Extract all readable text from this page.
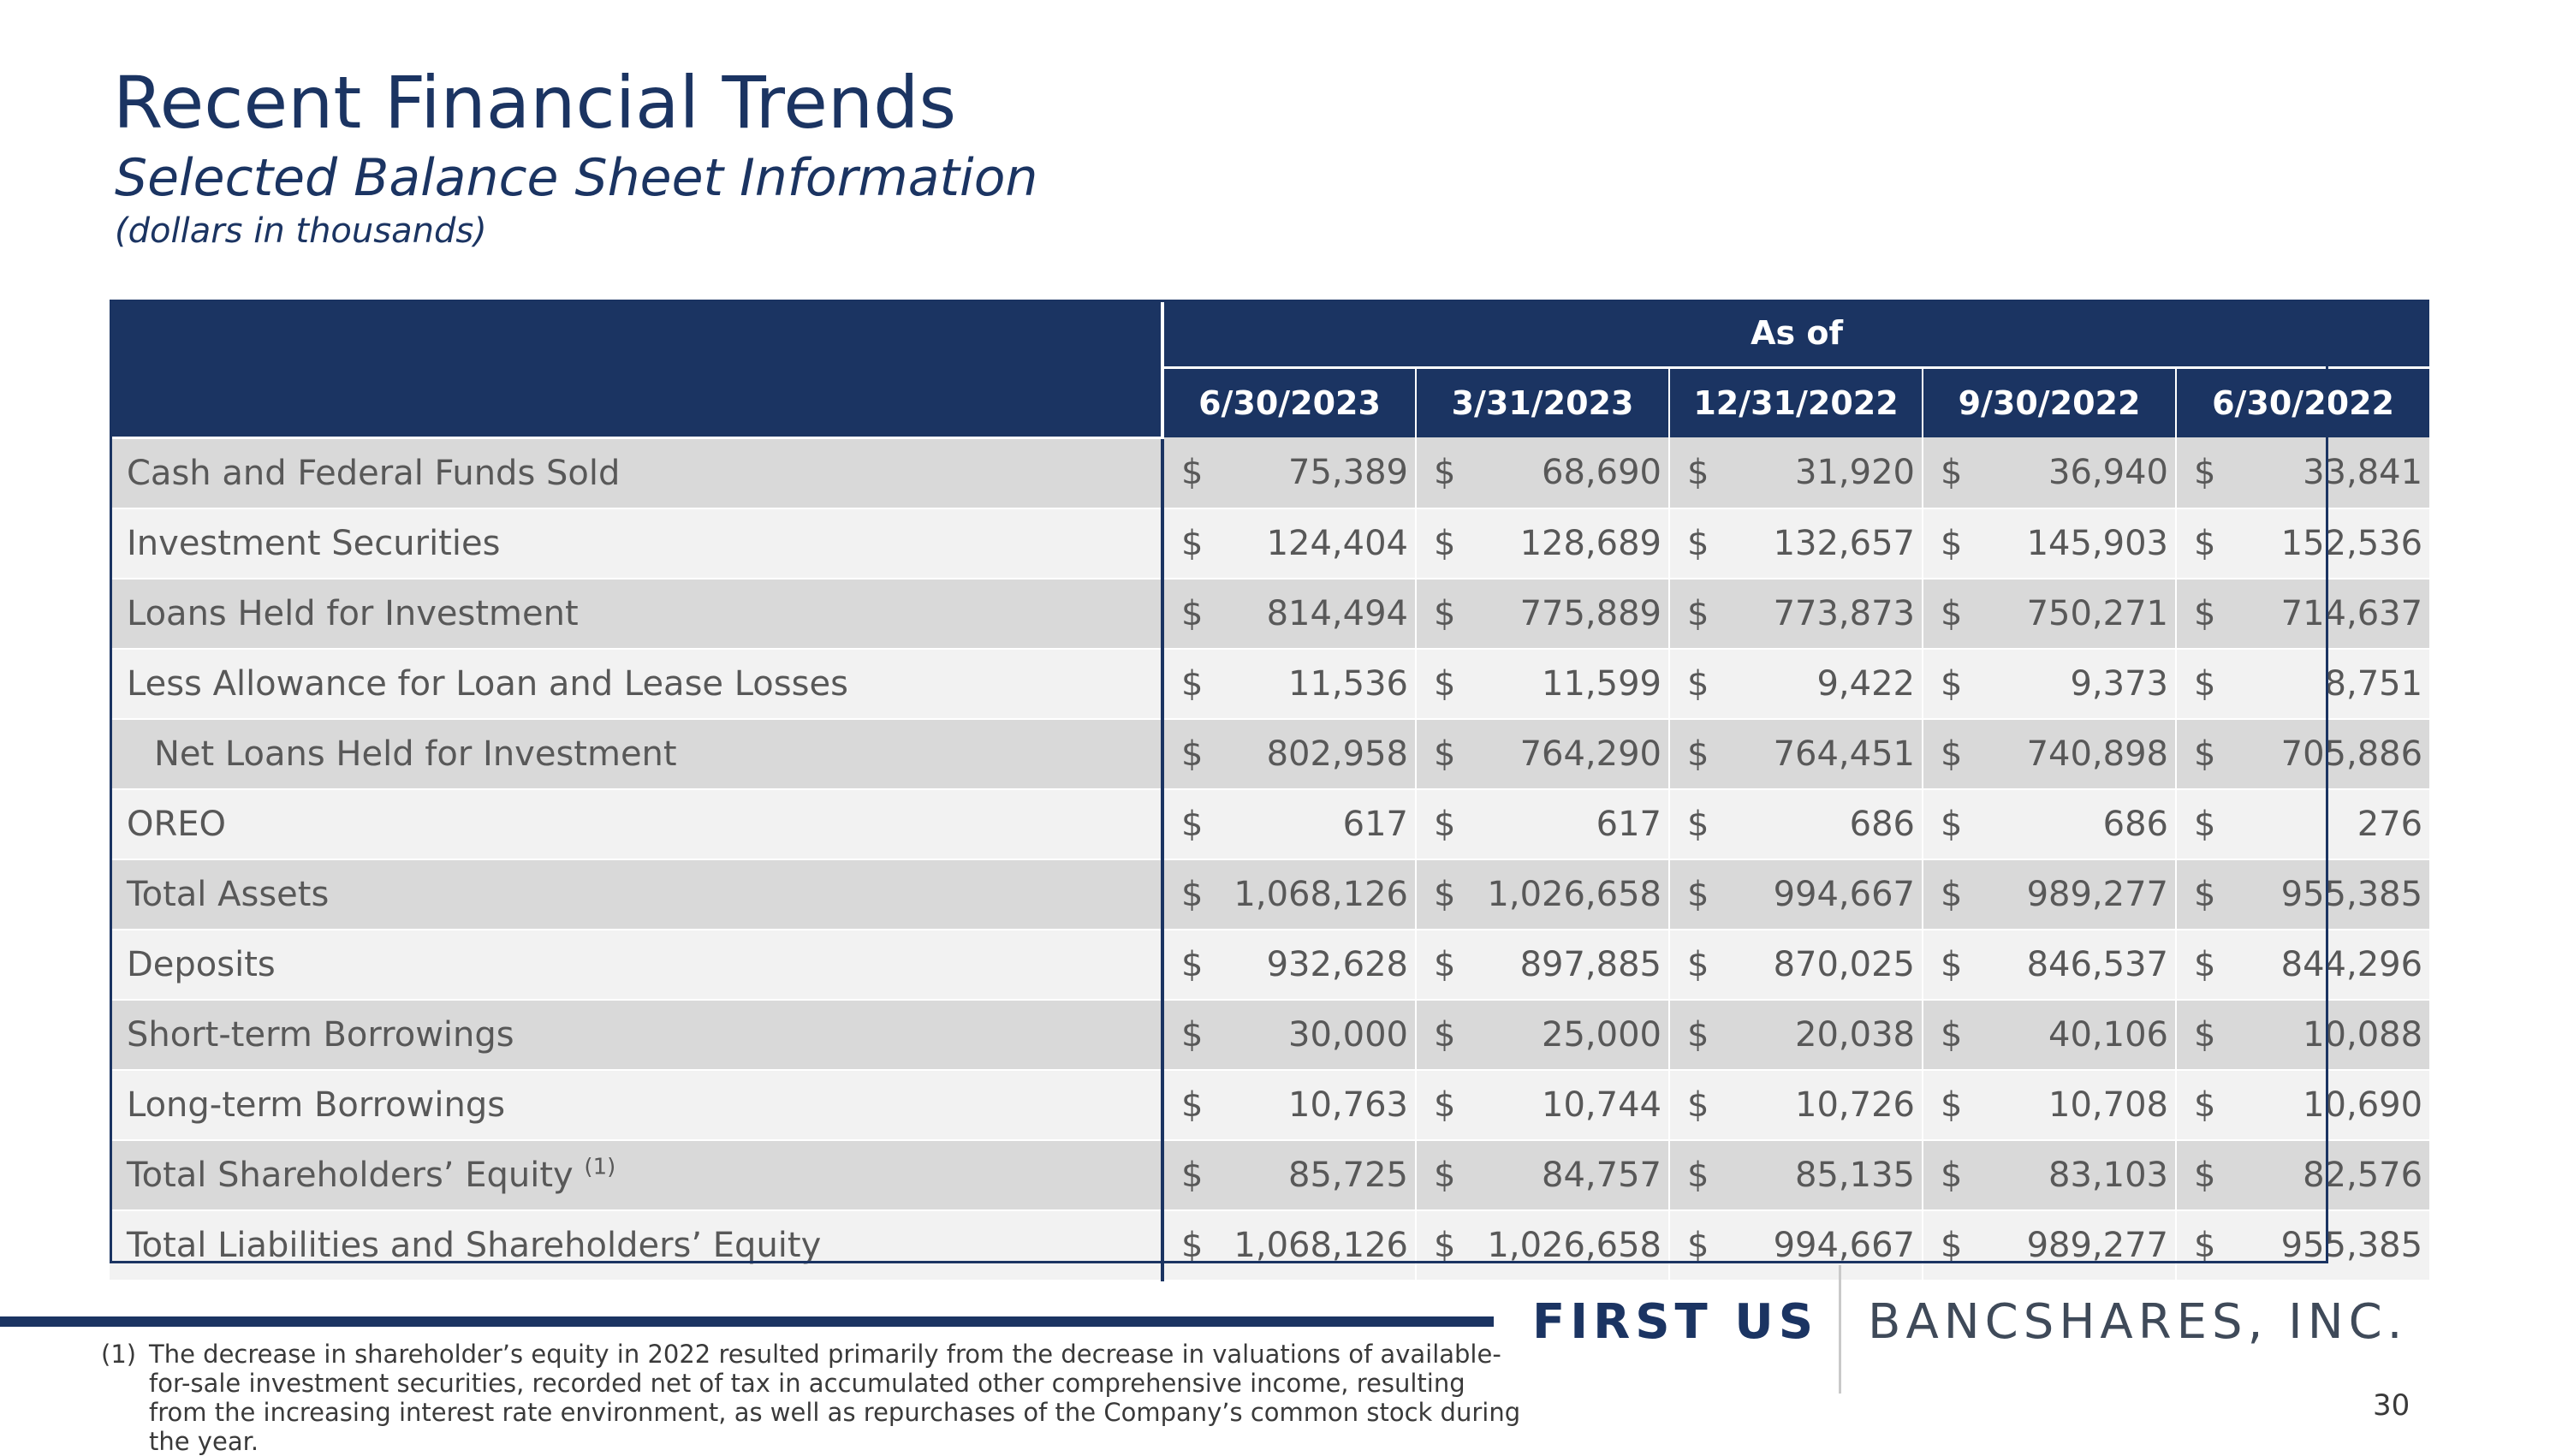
Recent Financial Trends
Selected Balance Sheet Information
(dollars in thousands)
	As of									
	6/30/2023		3/31/2023		12/31/2022		9/30/2022		6/30/2022	
Cash and Federal Funds Sold	$	75,389	$	68,690	$	31,920	$	36,940	$	33,841
Investment Securities	$	124,404	$	128,689	$	132,657	$	145,903	$	152,536
Loans Held for Investment	$	814,494	$	775,889	$	773,873	$	750,271	$	714,637
Less Allowance for Loan and Lease Losses	$	11,536	$	11,599	$	9,422	$	9,373	$	8,751
Net Loans Held for Investment	$	802,958	$	764,290	$	764,451	$	740,898	$	705,886
OREO	$	617	$	617	$	686	$	686	$	276
Total Assets	$	1,068,126	$	1,026,658	$	994,667	$	989,277	$	955,385
Deposits	$	932,628	$	897,885	$	870,025	$	846,537	$	844,296
Short-term Borrowings	$	30,000	$	25,000	$	20,038	$	40,106	$	10,088
Long-term Borrowings	$	10,763	$	10,744	$	10,726	$	10,708	$	10,690
Total Shareholders’ Equity $^{(1)}$	$	85,725	$	84,757	$	85,135	$	83,103	$	82,576
Total Liabilities and Shareholders’ Equity	$	1,068,126	$	1,026,658	$	994,667	$	989,277	$	955,385
FIRST US BANCSHARES, INC.
(1) The decrease in shareholder’s equity in 2022 resulted primarily from the decrease in valuations of available-for-sale investment securities, recorded net of tax in accumulated other comprehensive income, resulting from the increasing interest rate environment, as well as repurchases of the Company’s common stock during the year.
30
